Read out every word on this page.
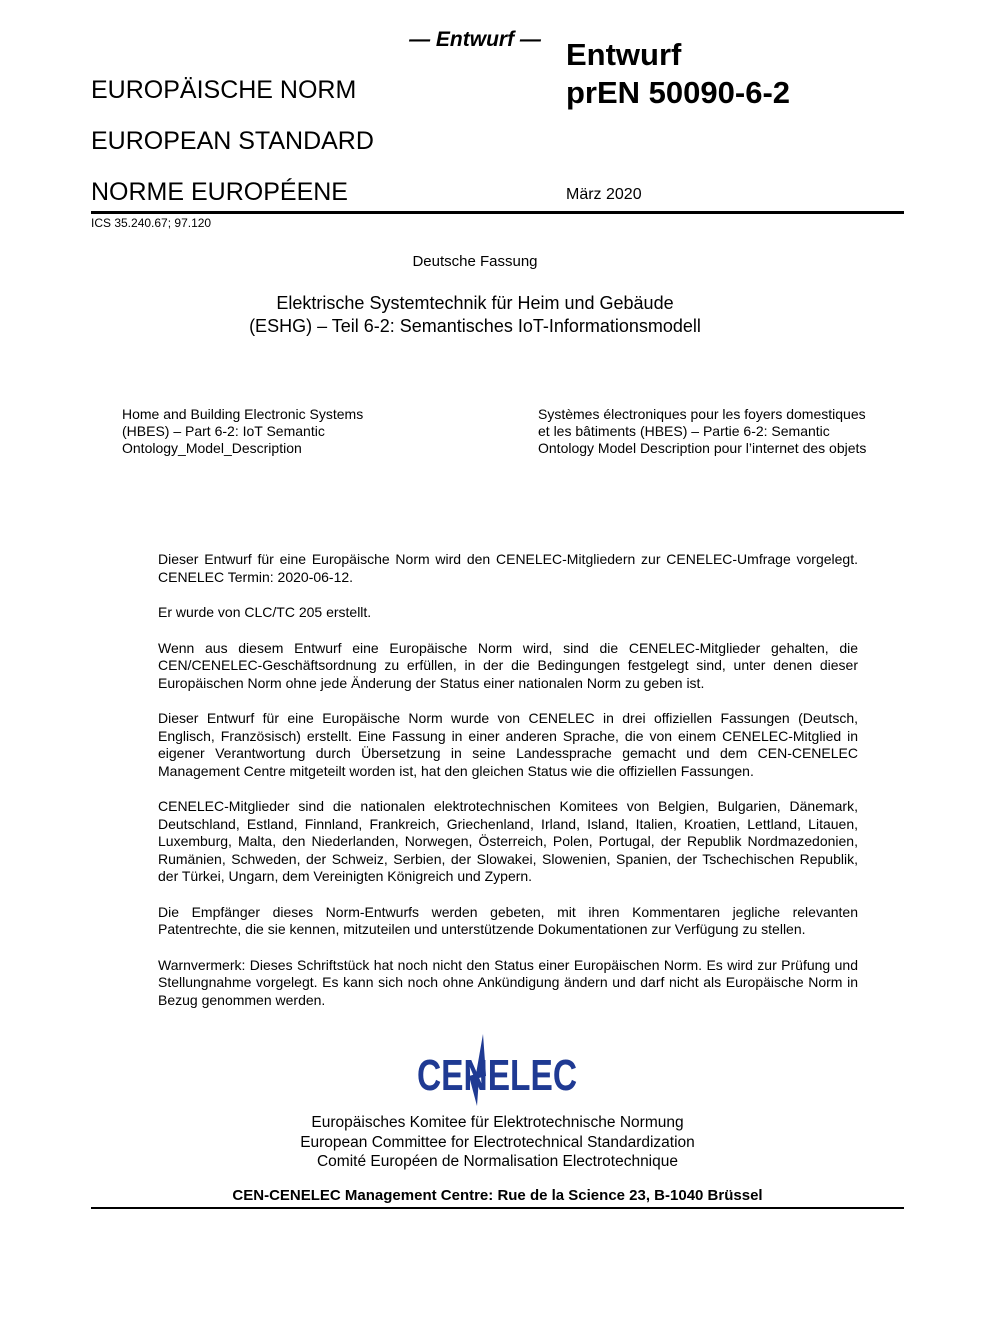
— Entwurf —
EUROPÄISCHE NORM
EUROPEAN STANDARD
NORME EUROPÉENE
Entwurf
prEN 50090-6-2
März 2020
ICS 35.240.67; 97.120
Deutsche Fassung
Elektrische Systemtechnik für Heim und Gebäude
(ESHG) – Teil 6-2: Semantisches IoT-Informationsmodell
Home and Building Electronic Systems
(HBES) – Part 6-2: IoT Semantic
Ontology_Model_Description
Systèmes électroniques pour les foyers domestiques
et les bâtiments (HBES) – Partie 6-2: Semantic
Ontology Model Description pour l’internet des objets

Dieser Entwurf für eine Europäische Norm wird den CENELEC-Mitgliedern zur CENELEC-Umfrage vorgelegt. CENELEC Termin: 2020-06-12.

Er wurde von CLC/TC 205 erstellt.

Wenn aus diesem Entwurf eine Europäische Norm wird, sind die CENELEC-Mitglieder gehalten, die CEN/CENELEC-Geschäftsordnung zu erfüllen, in der die Bedingungen festgelegt sind, unter denen dieser Europäischen Norm ohne jede Änderung der Status einer nationalen Norm zu geben ist.

Dieser Entwurf für eine Europäische Norm wurde von CENELEC in drei offiziellen Fassungen (Deutsch, Englisch, Französisch) erstellt. Eine Fassung in einer anderen Sprache, die von einem CENELEC-Mitglied in eigener Verantwortung durch Übersetzung in seine Landessprache gemacht und dem CEN-CENELEC Management Centre mitgeteilt worden ist, hat den gleichen Status wie die offiziellen Fassungen.

CENELEC-Mitglieder sind die nationalen elektrotechnischen Komitees von Belgien, Bulgarien, Dänemark, Deutschland, Estland, Finnland, Frankreich, Griechenland, Irland, Island, Italien, Kroatien, Lettland, Litauen, Luxemburg, Malta, den Niederlanden, Norwegen, Österreich, Polen, Portugal, der Republik Nordmazedonien, Rumänien, Schweden, der Schweiz, Serbien, der Slowakei, Slowenien, Spanien, der Tschechischen Republik, der Türkei, Ungarn, dem Vereinigten Königreich und Zypern.

Die Empfänger dieses Norm-Entwurfs werden gebeten, mit ihren Kommentaren jegliche relevanten Patentrechte, die sie kennen, mitzuteilen und unterstützende Dokumentationen zur Verfügung zu stellen.

Warnvermerk: Dieses Schriftstück hat noch nicht den Status einer Europäischen Norm. Es wird zur Prüfung und Stellungnahme vorgelegt. Es kann sich noch ohne Ankündigung ändern und darf nicht als Europäische Norm in Bezug genommen werden.

CENELEC
Europäisches Komitee für Elektrotechnische Normung
European Committee for Electrotechnical Standardization
Comité Européen de Normalisation Electrotechnique
CEN-CENELEC Management Centre: Rue de la Science 23, B-1040 Brüssel
